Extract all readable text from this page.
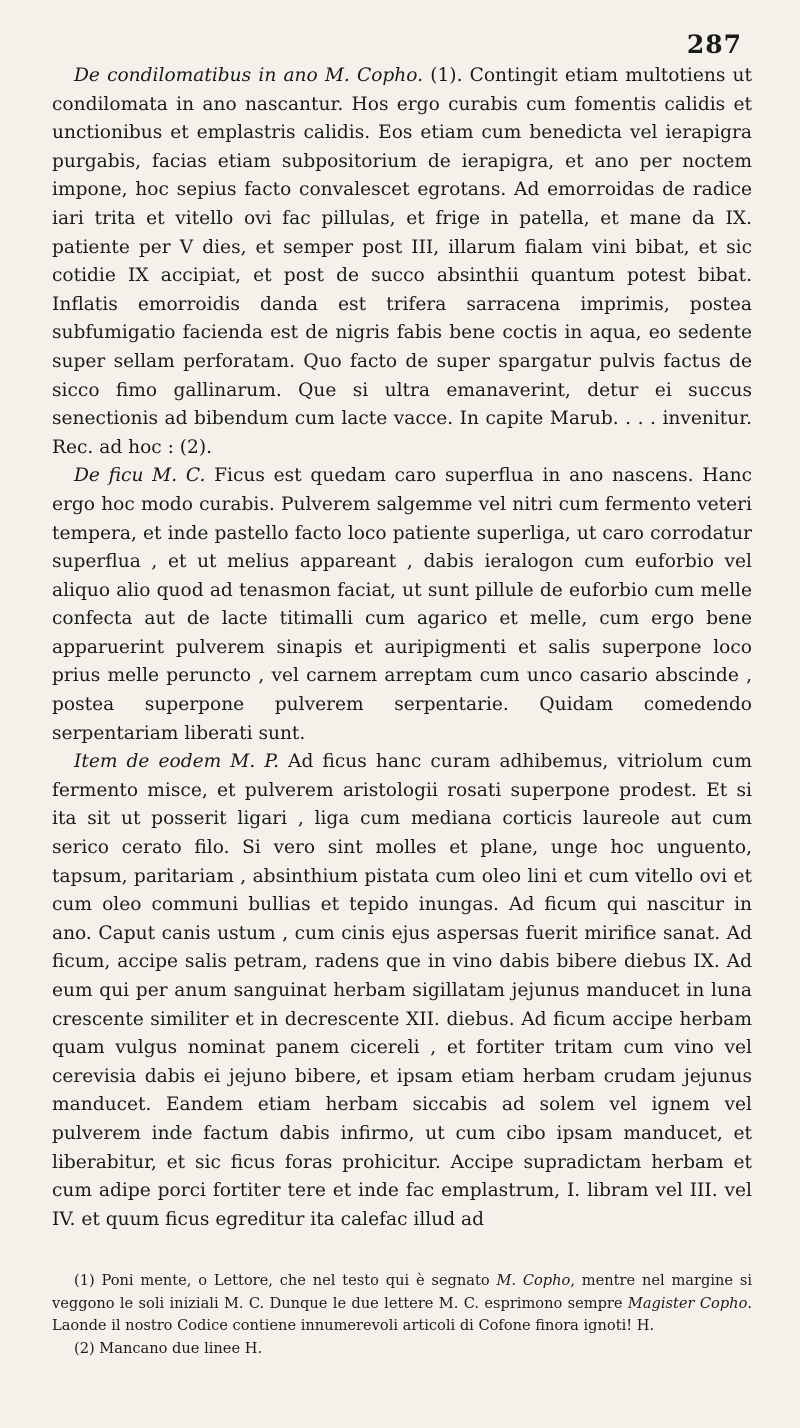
287

De condilomatibus in ano M. Copho. (1). Contingit etiam multotiens ut condilomata in ano nascantur. Hos ergo curabis cum fomentis calidis et unctionibus et emplastris calidis. Eos etiam cum benedicta vel ierapigra purgabis, facias etiam subpositorium de ierapigra, et ano per noctem impone, hoc sepius facto convalescet egrotans. Ad emorroidas de radice iari trita et vitello ovi fac pillulas, et frige in patella, et mane da IX. patiente per V dies, et semper post III, illarum fialam vini bibat, et sic cotidie IX accipiat, et post de succo absinthii quantum potest bibat. Inflatis emorroidis danda est trifera sarracena imprimis, postea subfumigatio facienda est de nigris fabis bene coctis in aqua, eo sedente super sellam perforatam. Quo facto de super spargatur pulvis factus de sicco fimo gallinarum. Que si ultra emanaverint, detur ei succus senectionis ad bibendum cum lacte vacce. In capite Marub. . . . invenitur. Rec. ad hoc : (2).

De ficu M. C. Ficus est quedam caro superflua in ano nascens. Hanc ergo hoc modo curabis. Pulverem salgemme vel nitri cum fermento veteri tempera, et inde pastello facto loco patiente superliga, ut caro corrodatur superflua , et ut melius appareant , dabis ieralogon cum euforbio vel aliquo alio quod ad tenasmon faciat, ut sunt pillule de euforbio cum melle confecta aut de lacte titimalli cum agarico et melle, cum ergo bene apparuerint pulverem sinapis et auripigmenti et salis superpone loco prius melle peruncto , vel carnem arreptam cum unco casario abscinde , postea superpone pulverem serpentarie. Quidam comedendo serpentariam liberati sunt.

Item de eodem M. P. Ad ficus hanc curam adhibemus, vitriolum cum fermento misce, et pulverem aristologii rosati superpone prodest. Et si ita sit ut posserit ligari , liga cum mediana corticis laureole aut cum serico cerato filo. Si vero sint molles et plane, unge hoc unguento, tapsum, paritariam , absinthium pistata cum oleo lini et cum vitello ovi et cum oleo communi bullias et tepido inungas. Ad ficum qui nascitur in ano. Caput canis ustum , cum cinis ejus aspersas fuerit mirifice sanat. Ad ficum, accipe salis petram, radens que in vino dabis bibere diebus IX. Ad eum qui per anum sanguinat herbam sigillatam jejunus manducet in luna crescente similiter et in decrescente XII. diebus. Ad ficum accipe herbam quam vulgus nominat panem cicereli , et fortiter tritam cum vino vel cerevisia dabis ei jejuno bibere, et ipsam etiam herbam crudam jejunus manducet. Eandem etiam herbam siccabis ad solem vel ignem vel pulverem inde factum dabis infirmo, ut cum cibo ipsam manducet, et liberabitur, et sic ficus foras prohicitur. Accipe supradictam herbam et cum adipe porci fortiter tere et inde fac emplastrum, I. libram vel III. vel IV. et quum ficus egreditur ita calefac illud ad

(1) Poni mente, o Lettore, che nel testo qui è segnato M. Copho, mentre nel margine si veggono le soli iniziali M. C. Dunque le due lettere M. C. esprimono sempre Magister Copho. Laonde il nostro Codice contiene innumerevoli articoli di Cofone finora ignoti! H.

(2) Mancano due linee H.
